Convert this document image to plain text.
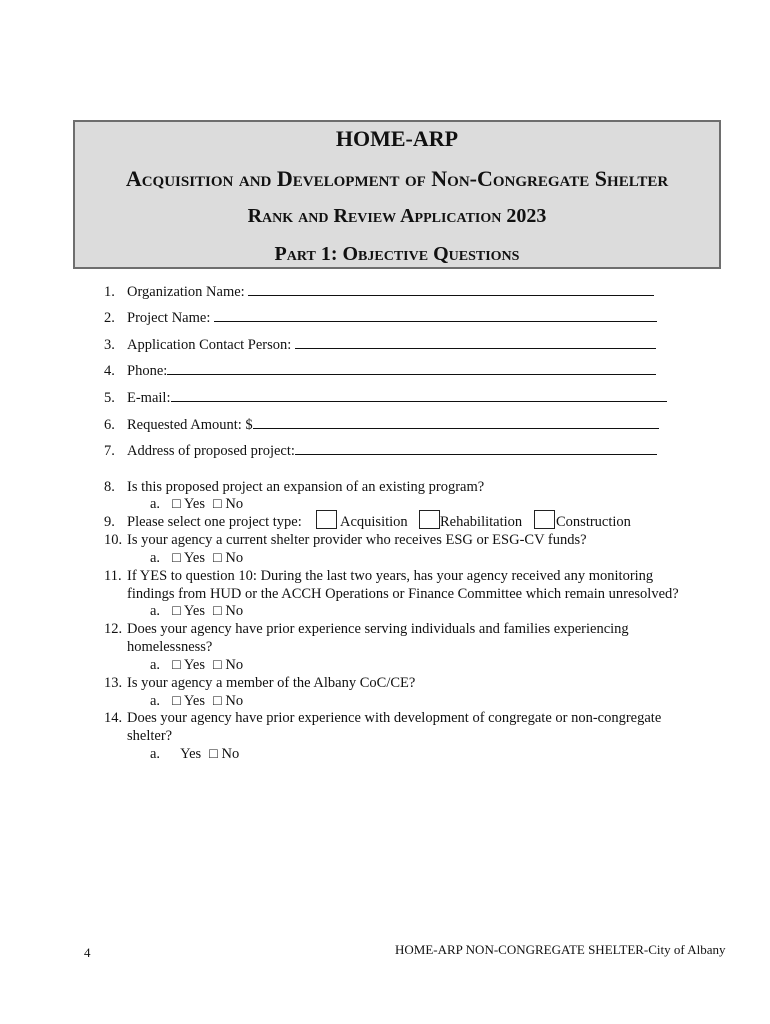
HOME-ARP
Acquisition and Development of Non-Congregate Shelter
Rank and Review Application 2023
Part 1: Objective Questions
1. Organization Name:
2. Project Name:
3. Application Contact Person:
4. Phone:
5. E-mail:
6. Requested Amount: $
7. Address of proposed project:
8. Is this proposed project an expansion of an existing program?
a. □ Yes □ No
9. Please select one project type:	Acquisition Rehabilitation Construction
10. Is your agency a current shelter provider who receives ESG or ESG-CV funds?
a. □ Yes □ No
11. If YES to question 10: During the last two years, has your agency received any monitoring
findings from HUD or the ACCH Operations or Finance Committee which remain unresolved?
a. □ Yes □ No
12. Does your agency have prior experience serving individuals and families experiencing
homelessness?
a. □ Yes □ No
13. Is your agency a member of the Albany CoC/CE?
a. □ Yes □ No
14. Does your agency have prior experience with development of congregate or non-congregate
shelter?
a. Yes □ No
4	HOME-ARP NON-CONGREGATE SHELTER-City of Albany
